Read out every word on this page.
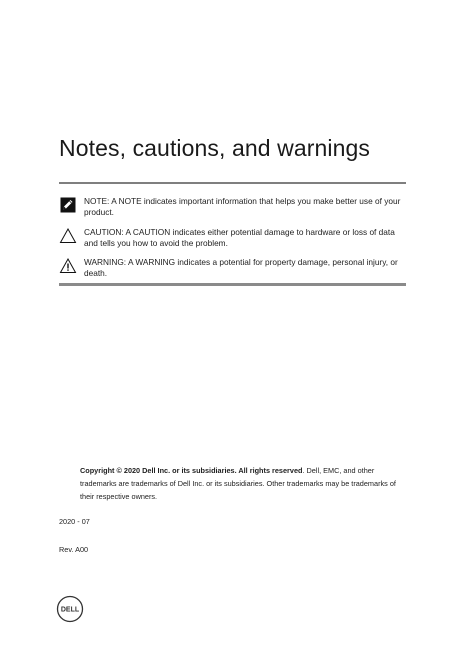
Notes, cautions, and warnings
NOTE: A NOTE indicates important information that helps you make better use of your product.
CAUTION: A CAUTION indicates either potential damage to hardware or loss of data and tells you how to avoid the problem.
WARNING: A WARNING indicates a potential for property damage, personal injury, or death.
Copyright © 2020 Dell Inc. or its subsidiaries. All rights reserved. Dell, EMC, and other trademarks are trademarks of Dell Inc. or its subsidiaries. Other trademarks may be trademarks of their respective owners.
2020 - 07
Rev. A00
DELL
